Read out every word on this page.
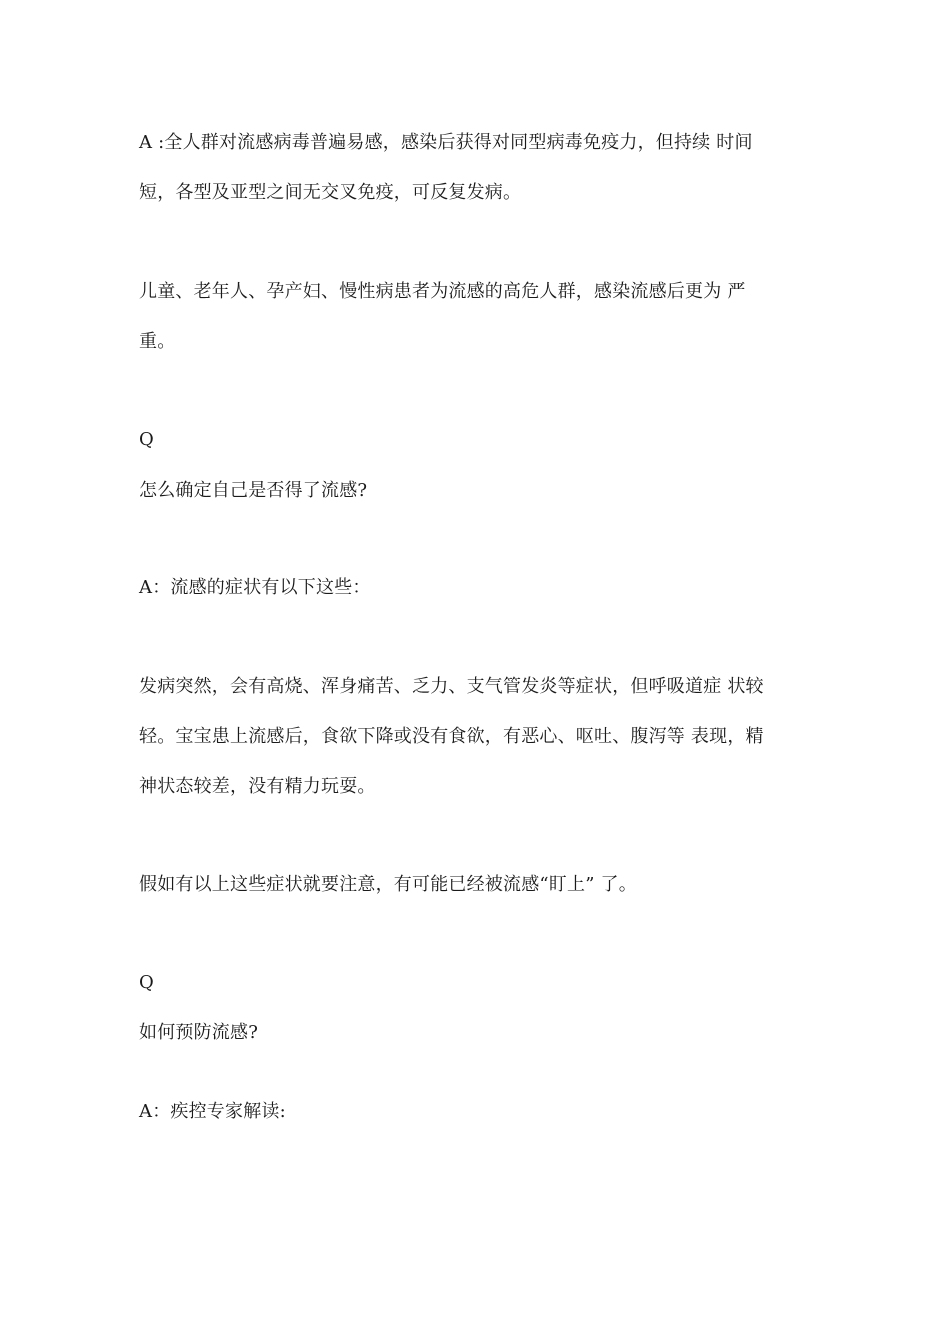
A :全人群对流感病毒普遍易感，感染后获得对同型病毒免疫力，但持续 时间
短，各型及亚型之间无交叉免疫，可反复发病。
儿童、老年人、孕产妇、慢性病患者为流感的高危人群，感染流感后更为 严
重。
Q
怎么确定自己是否得了流感?
A：流感的症状有以下这些：
发病突然，会有高烧、浑身痛苦、乏力、支气管发炎等症状，但呼吸道症 状较
轻。宝宝患上流感后，食欲下降或没有食欲，有恶心、呕吐、腹泻等 表现，精
神状态较差，没有精力玩耍。
假如有以上这些症状就要注意，有可能已经被流感“盯上” 了。
Q
如何预防流感?
A：疾控专家解读:
